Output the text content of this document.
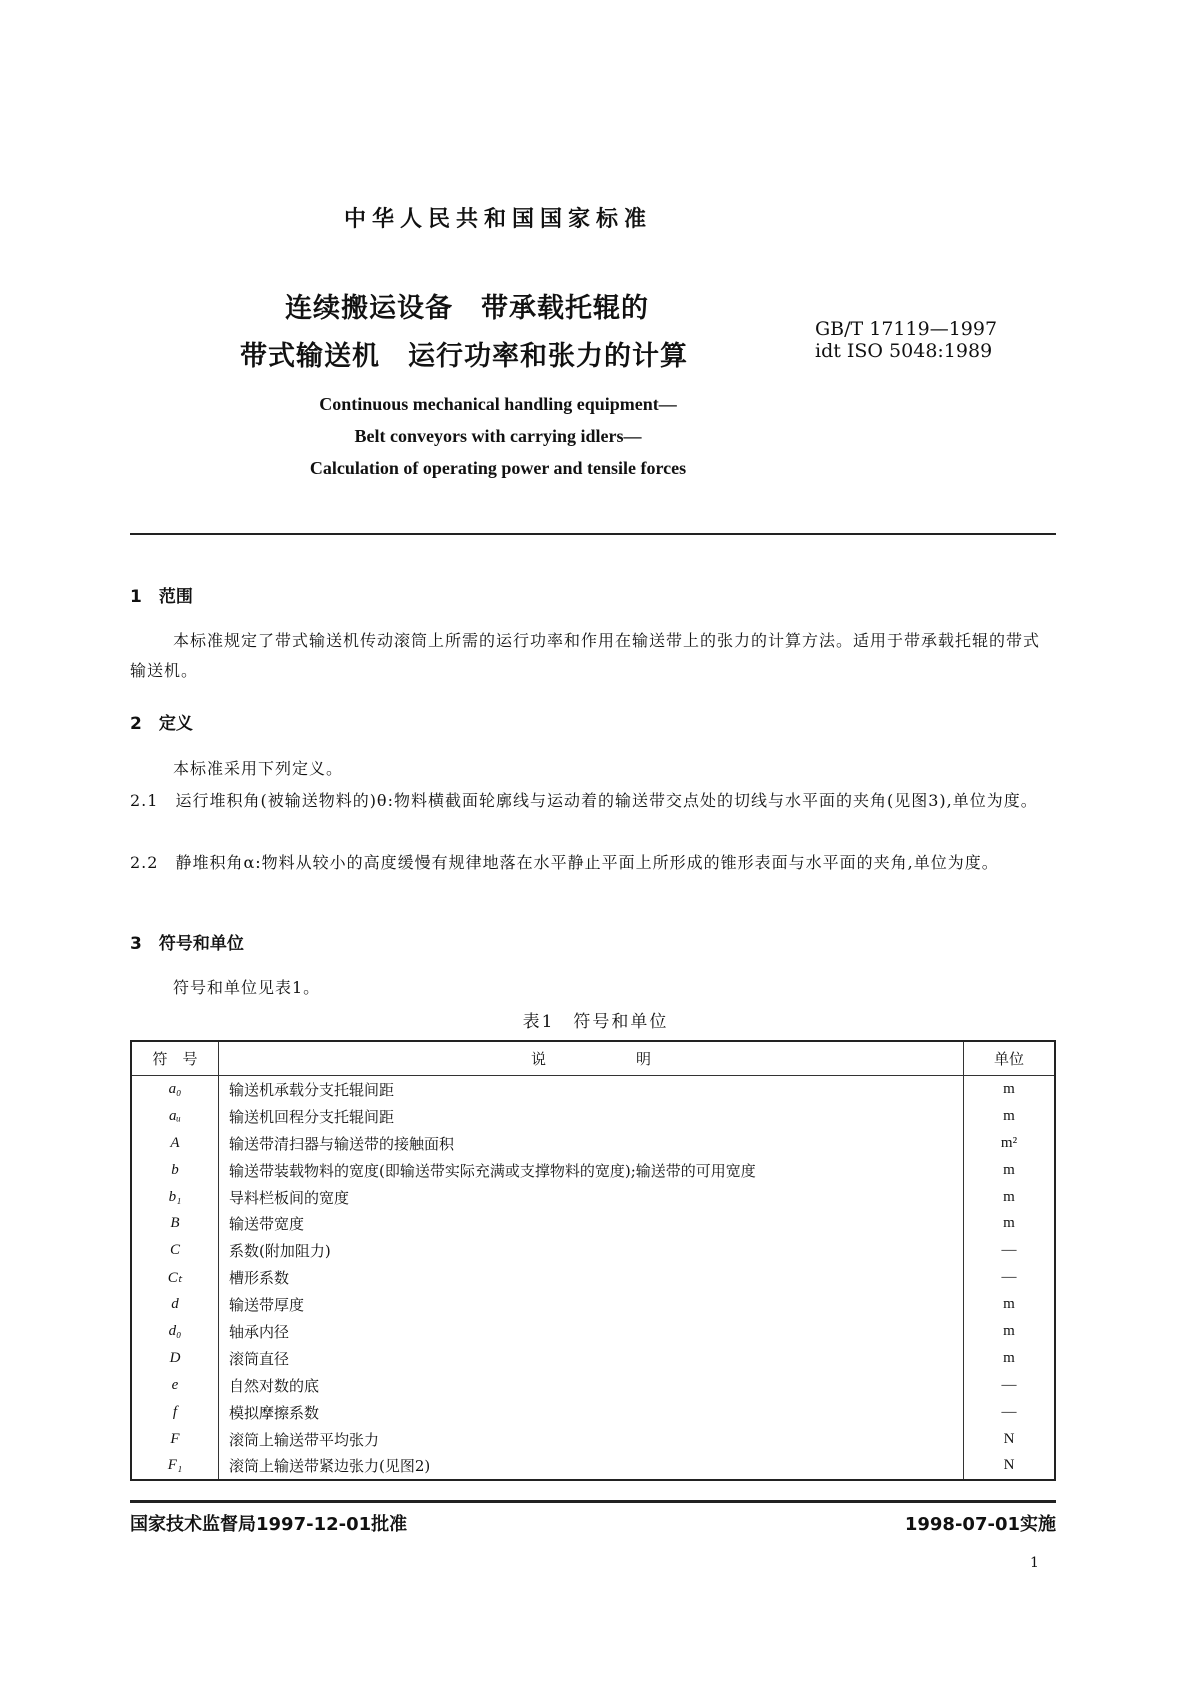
中华人民共和国国家标准
连续搬运设备　带承载托辊的
带式输送机　运行功率和张力的计算
GB/T 17119—1997
idt ISO 5048:1989
Continuous mechanical handling equipment—
Belt conveyors with carrying idlers—
Calculation of operating power and tensile forces
1　范围
本标准规定了带式输送机传动滚筒上所需的运行功率和作用在输送带上的张力的计算方法。适用于带承载托辊的带式输送机。
2　定义
本标准采用下列定义。
2.1　运行堆积角(被输送物料的)θ:物料横截面轮廓线与运动着的输送带交点处的切线与水平面的夹角(见图3),单位为度。
2.2　静堆积角α:物料从较小的高度缓慢有规律地落在水平静止平面上所形成的锥形表面与水平面的夹角,单位为度。
3　符号和单位
符号和单位见表1。
表1　符号和单位
符　号	说　　　　　　明	单位
a₀	输送机承载分支托辊间距	m
aᵤ	输送机回程分支托辊间距	m
A	输送带清扫器与输送带的接触面积	m²
b	输送带装载物料的宽度(即输送带实际充满或支撑物料的宽度);输送带的可用宽度	m
b₁	导料栏板间的宽度	m
B	输送带宽度	m
C	系数(附加阻力)	—
Cₜ	槽形系数	—
d	输送带厚度	m
d₀	轴承内径	m
D	滚筒直径	m
e	自然对数的底	—
f	模拟摩擦系数	—
F	滚筒上输送带平均张力	N
F₁	滚筒上输送带紧边张力(见图2)	N
国家技术监督局1997-12-01批准	1998-07-01实施
1
